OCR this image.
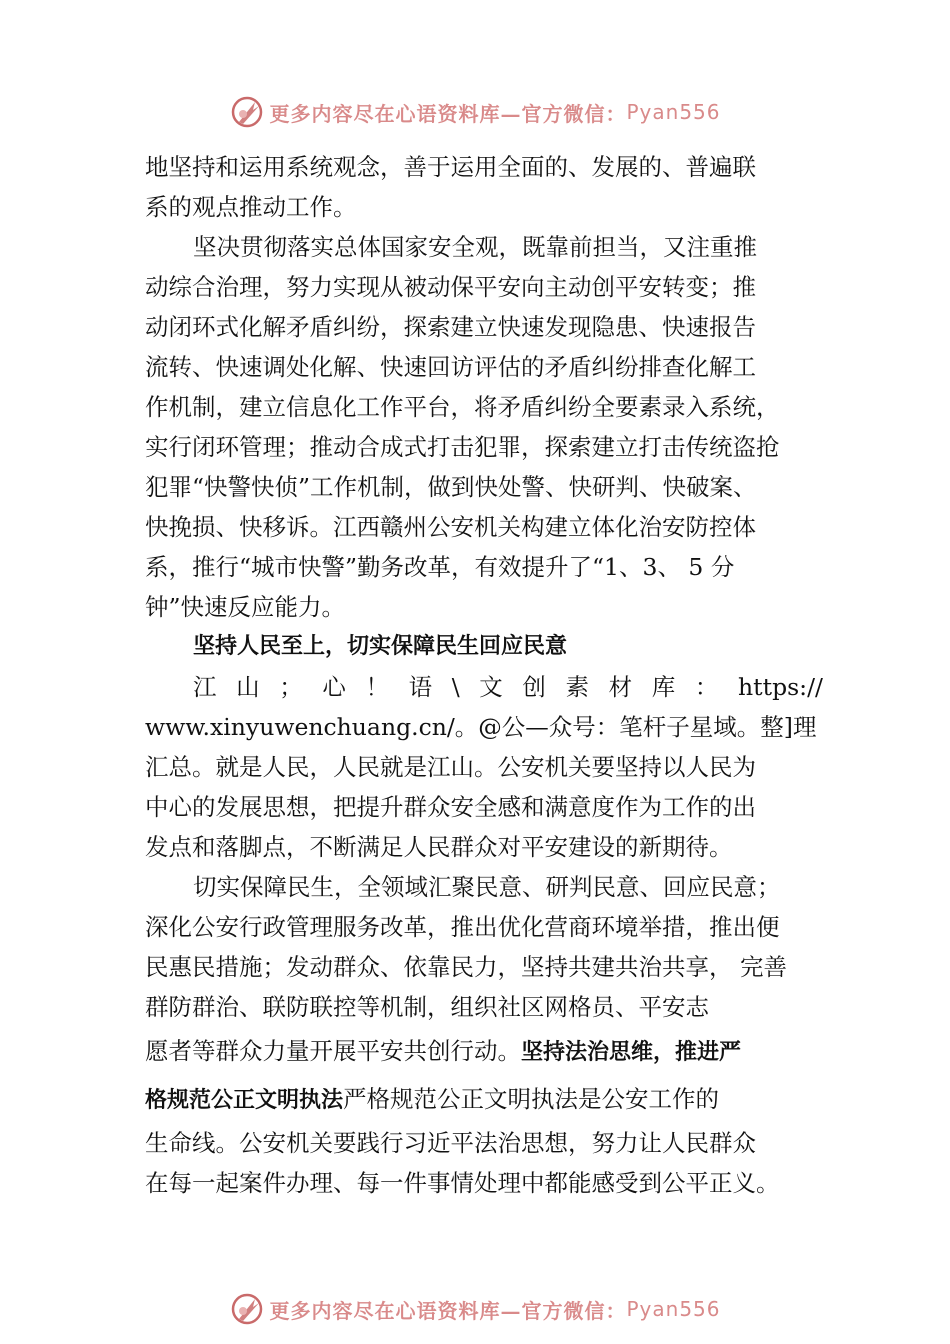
更多内容尽在心语资料库—官方微信： Pyan556
地坚持和运用系统观念，善于运用全面的、发展的、普遍联
系的观点推动工作。
坚决贯彻落实总体国家安全观，既靠前担当，又注重推
动综合治理，努力实现从被动保平安向主动创平安转变；推
动闭环式化解矛盾纠纷，探索建立快速发现隐患、快速报告
流转、快速调处化解、快速回访评估的矛盾纠纷排查化解工
作机制，建立信息化工作平台，将矛盾纠纷全要素录入系统，
实行闭环管理；推动合成式打击犯罪，探索建立打击传统盗抢
犯罪“快警快侦”工作机制，做到快处警、快研判、快破案、
快挽损、快移诉。江西赣州公安机关构建立体化治安防控体
系，推行“城市快警”勤务改革，有效提升了“1、3、 5 分
钟”快速反应能力。
坚持人民至上，切实保障民生回应民意
江 山 ； 心 ！ 语 \ 文 创 素 材 库 ： https://
www.xinyuwenchuang.cn/。@公—众号：笔杆子星域。整]理
汇总。就是人民，人民就是江山。公安机关要坚持以人民为
中心的发展思想，把提升群众安全感和满意度作为工作的出
发点和落脚点，不断满足人民群众对平安建设的新期待。
切实保障民生，全领域汇聚民意、研判民意、回应民意；
深化公安行政管理服务改革，推出优化营商环境举措，推出便
民惠民措施；发动群众、依靠民力，坚持共建共治共享， 完善
群防群治、联防联控等机制，组织社区网格员、平安志
愿者等群众力量开展平安共创行动。坚持法治思维，推进严
格规范公正文明执法严格规范公正文明执法是公安工作的
生命线。公安机关要践行习近平法治思想，努力让人民群众
在每一起案件办理、每一件事情处理中都能感受到公平正义。
更多内容尽在心语资料库—官方微信： Pyan556
